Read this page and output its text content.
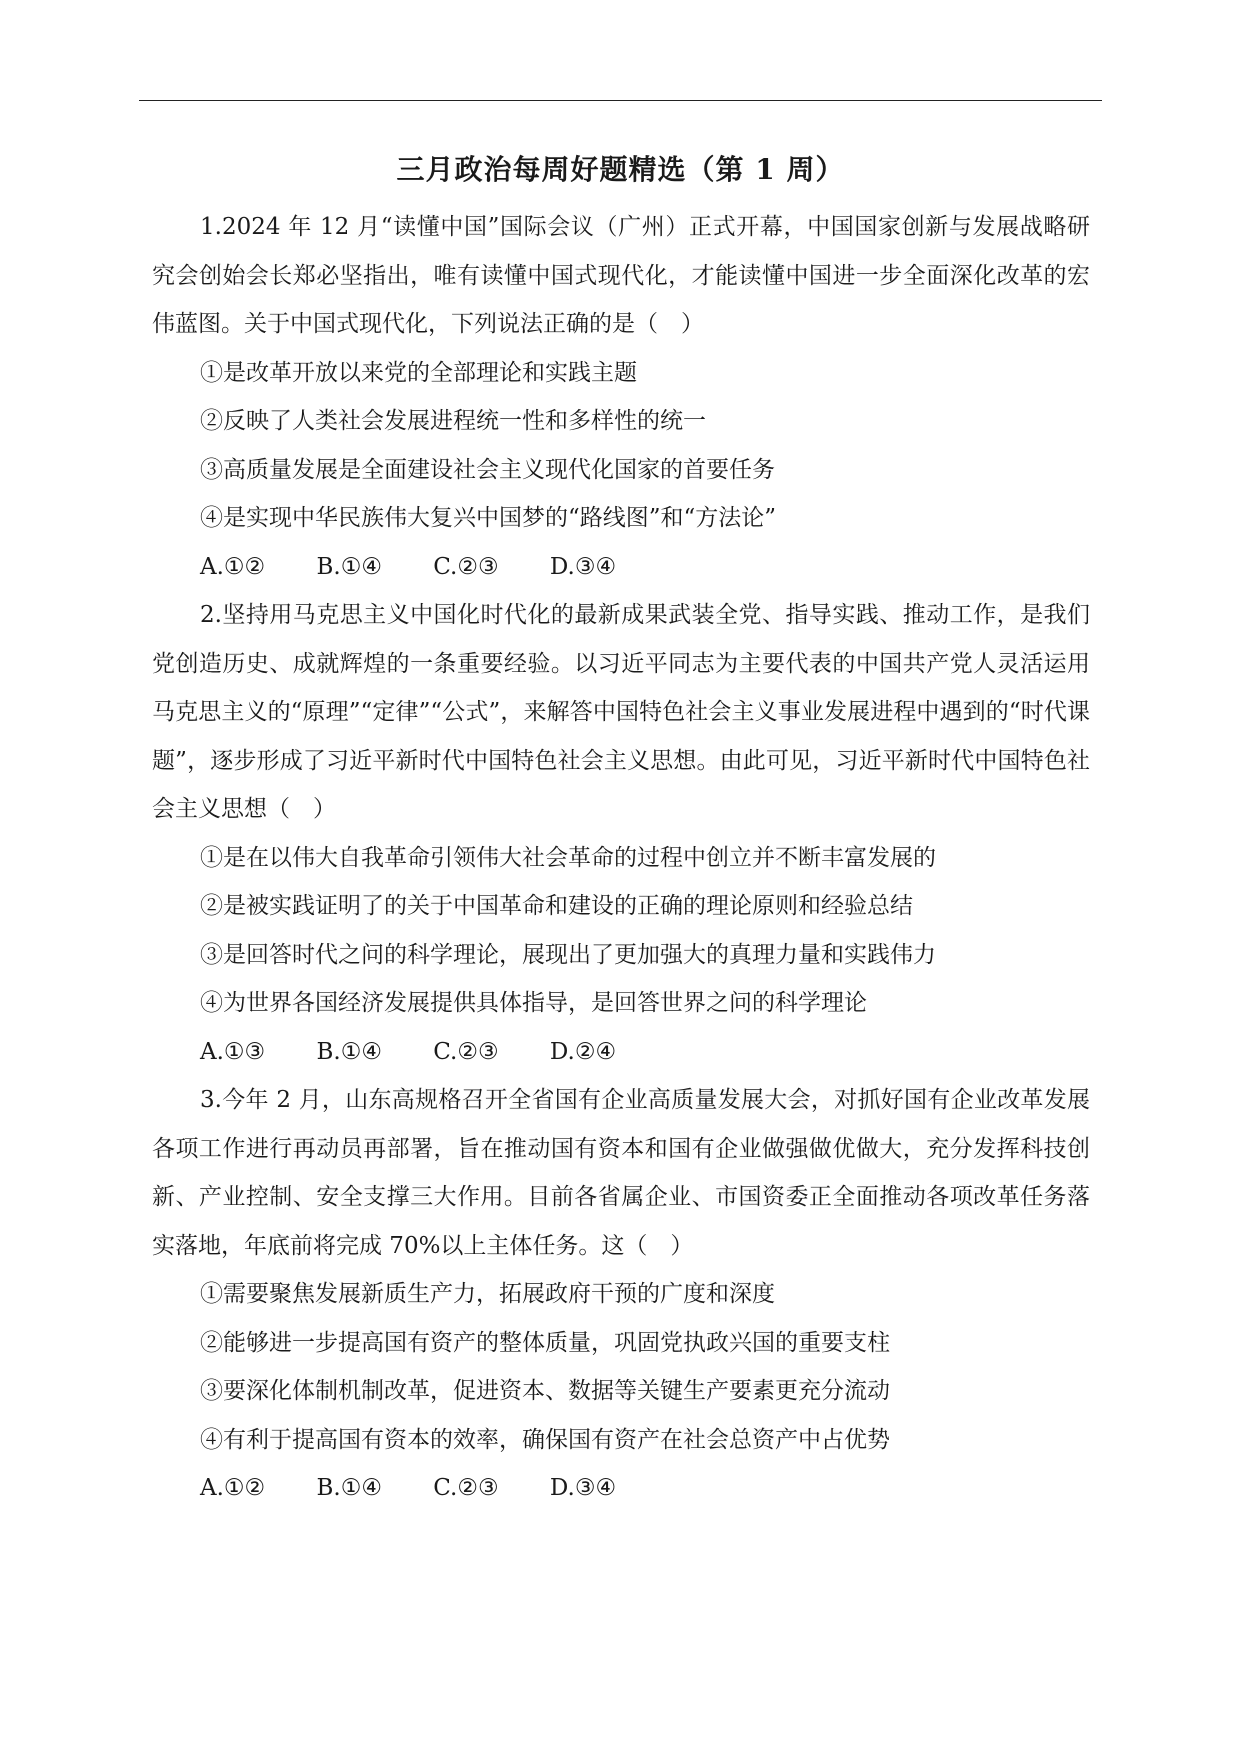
三月政治每周好题精选（第 1 周）

1.2024 年 12 月“读懂中国”国际会议（广州）正式开幕，中国国家创新与发展战略研究会创始会长郑必坚指出，唯有读懂中国式现代化，才能读懂中国进一步全面深化改革的宏伟蓝图。关于中国式现代化，下列说法正确的是（　）

①是改革开放以来党的全部理论和实践主题

②反映了人类社会发展进程统一性和多样性的统一

③高质量发展是全面建设社会主义现代化国家的首要任务

④是实现中华民族伟大复兴中国梦的“路线图”和“方法论”

A.①② B.①④ C.②③ D.③④

2.坚持用马克思主义中国化时代化的最新成果武装全党、指导实践、推动工作，是我们党创造历史、成就辉煌的一条重要经验。以习近平同志为主要代表的中国共产党人灵活运用马克思主义的“原理”“定律”“公式”，来解答中国特色社会主义事业发展进程中遇到的“时代课题”，逐步形成了习近平新时代中国特色社会主义思想。由此可见，习近平新时代中国特色社会主义思想（　）

①是在以伟大自我革命引领伟大社会革命的过程中创立并不断丰富发展的

②是被实践证明了的关于中国革命和建设的正确的理论原则和经验总结

③是回答时代之问的科学理论，展现出了更加强大的真理力量和实践伟力

④为世界各国经济发展提供具体指导，是回答世界之问的科学理论

A.①③ B.①④ C.②③ D.②④

3.今年 2 月，山东高规格召开全省国有企业高质量发展大会，对抓好国有企业改革发展各项工作进行再动员再部署，旨在推动国有资本和国有企业做强做优做大，充分发挥科技创新、产业控制、安全支撑三大作用。目前各省属企业、市国资委正全面推动各项改革任务落实落地，年底前将完成 70%以上主体任务。这（　）

①需要聚焦发展新质生产力，拓展政府干预的广度和深度

②能够进一步提高国有资产的整体质量，巩固党执政兴国的重要支柱

③要深化体制机制改革，促进资本、数据等关键生产要素更充分流动

④有利于提高国有资本的效率，确保国有资产在社会总资产中占优势

A.①② B.①④ C.②③ D.③④
